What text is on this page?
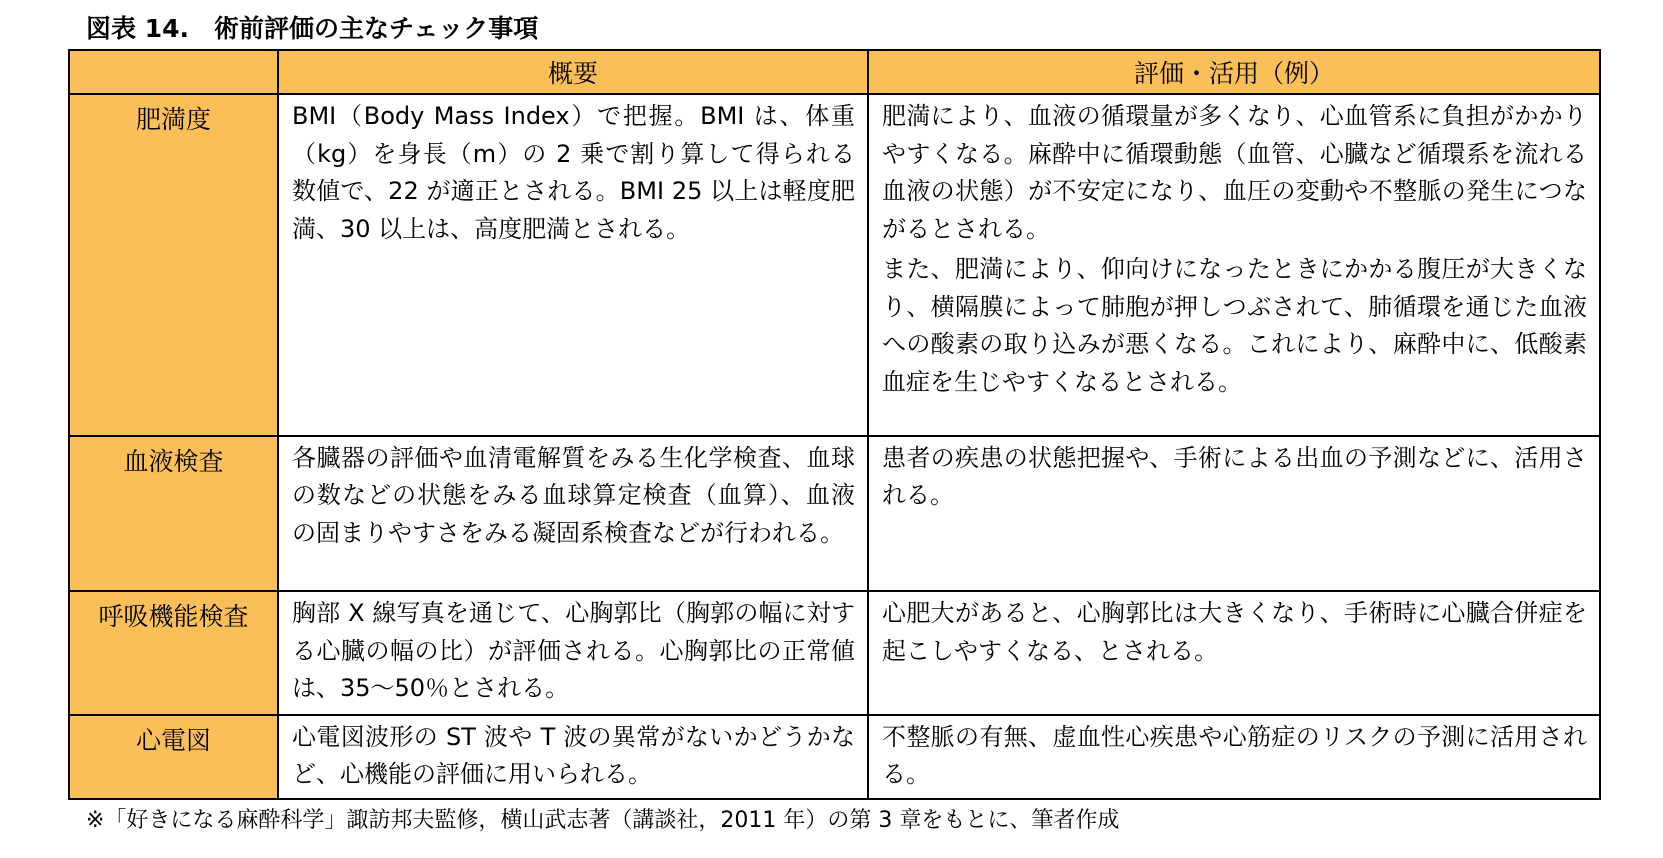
図表 14.　術前評価の主なチェック事項
	概要	評価・活用（例）
肥満度	BMI（Body Mass Index）で把握。BMI は、体重（kg）を身長（m）の 2 乗で割り算して得られる数値で、22 が適正とされる。BMI 25 以上は軽度肥満、30 以上は、高度肥満とされる。	肥満により、血液の循環量が多くなり、心血管系に負担がかかりやすくなる。麻酔中に循環動態（血管、心臓など循環系を流れる血液の状態）が不安定になり、血圧の変動や不整脈の発生につながるとされる。

また、肥満により、仰向けになったときにかかる腹圧が大きくなり、横隔膜によって肺胞が押しつぶされて、肺循環を通じた血液への酸素の取り込みが悪くなる。これにより、麻酔中に、低酸素血症を生じやすくなるとされる。

血液検査	各臓器の評価や血清電解質をみる生化学検査、血球の数などの状態をみる血球算定検査（血算）、血液の固まりやすさをみる凝固系検査などが行われる。	患者の疾患の状態把握や、手術による出血の予測などに、活用される。

呼吸機能検査	胸部 X 線写真を通じて、心胸郭比（胸郭の幅に対する心臓の幅の比）が評価される。心胸郭比の正常値は、35～50％とされる。	心肥大があると、心胸郭比は大きくなり、手術時に心臓合併症を起こしやすくなる、とされる。

心電図	心電図波形の ST 波や T 波の異常がないかどうかなど、心機能の評価に用いられる。	不整脈の有無、虚血性心疾患や心筋症のリスクの予測に活用される。

※「好きになる麻酔科学」諏訪邦夫監修，横山武志著（講談社，2011 年）の第 3 章をもとに、筆者作成
